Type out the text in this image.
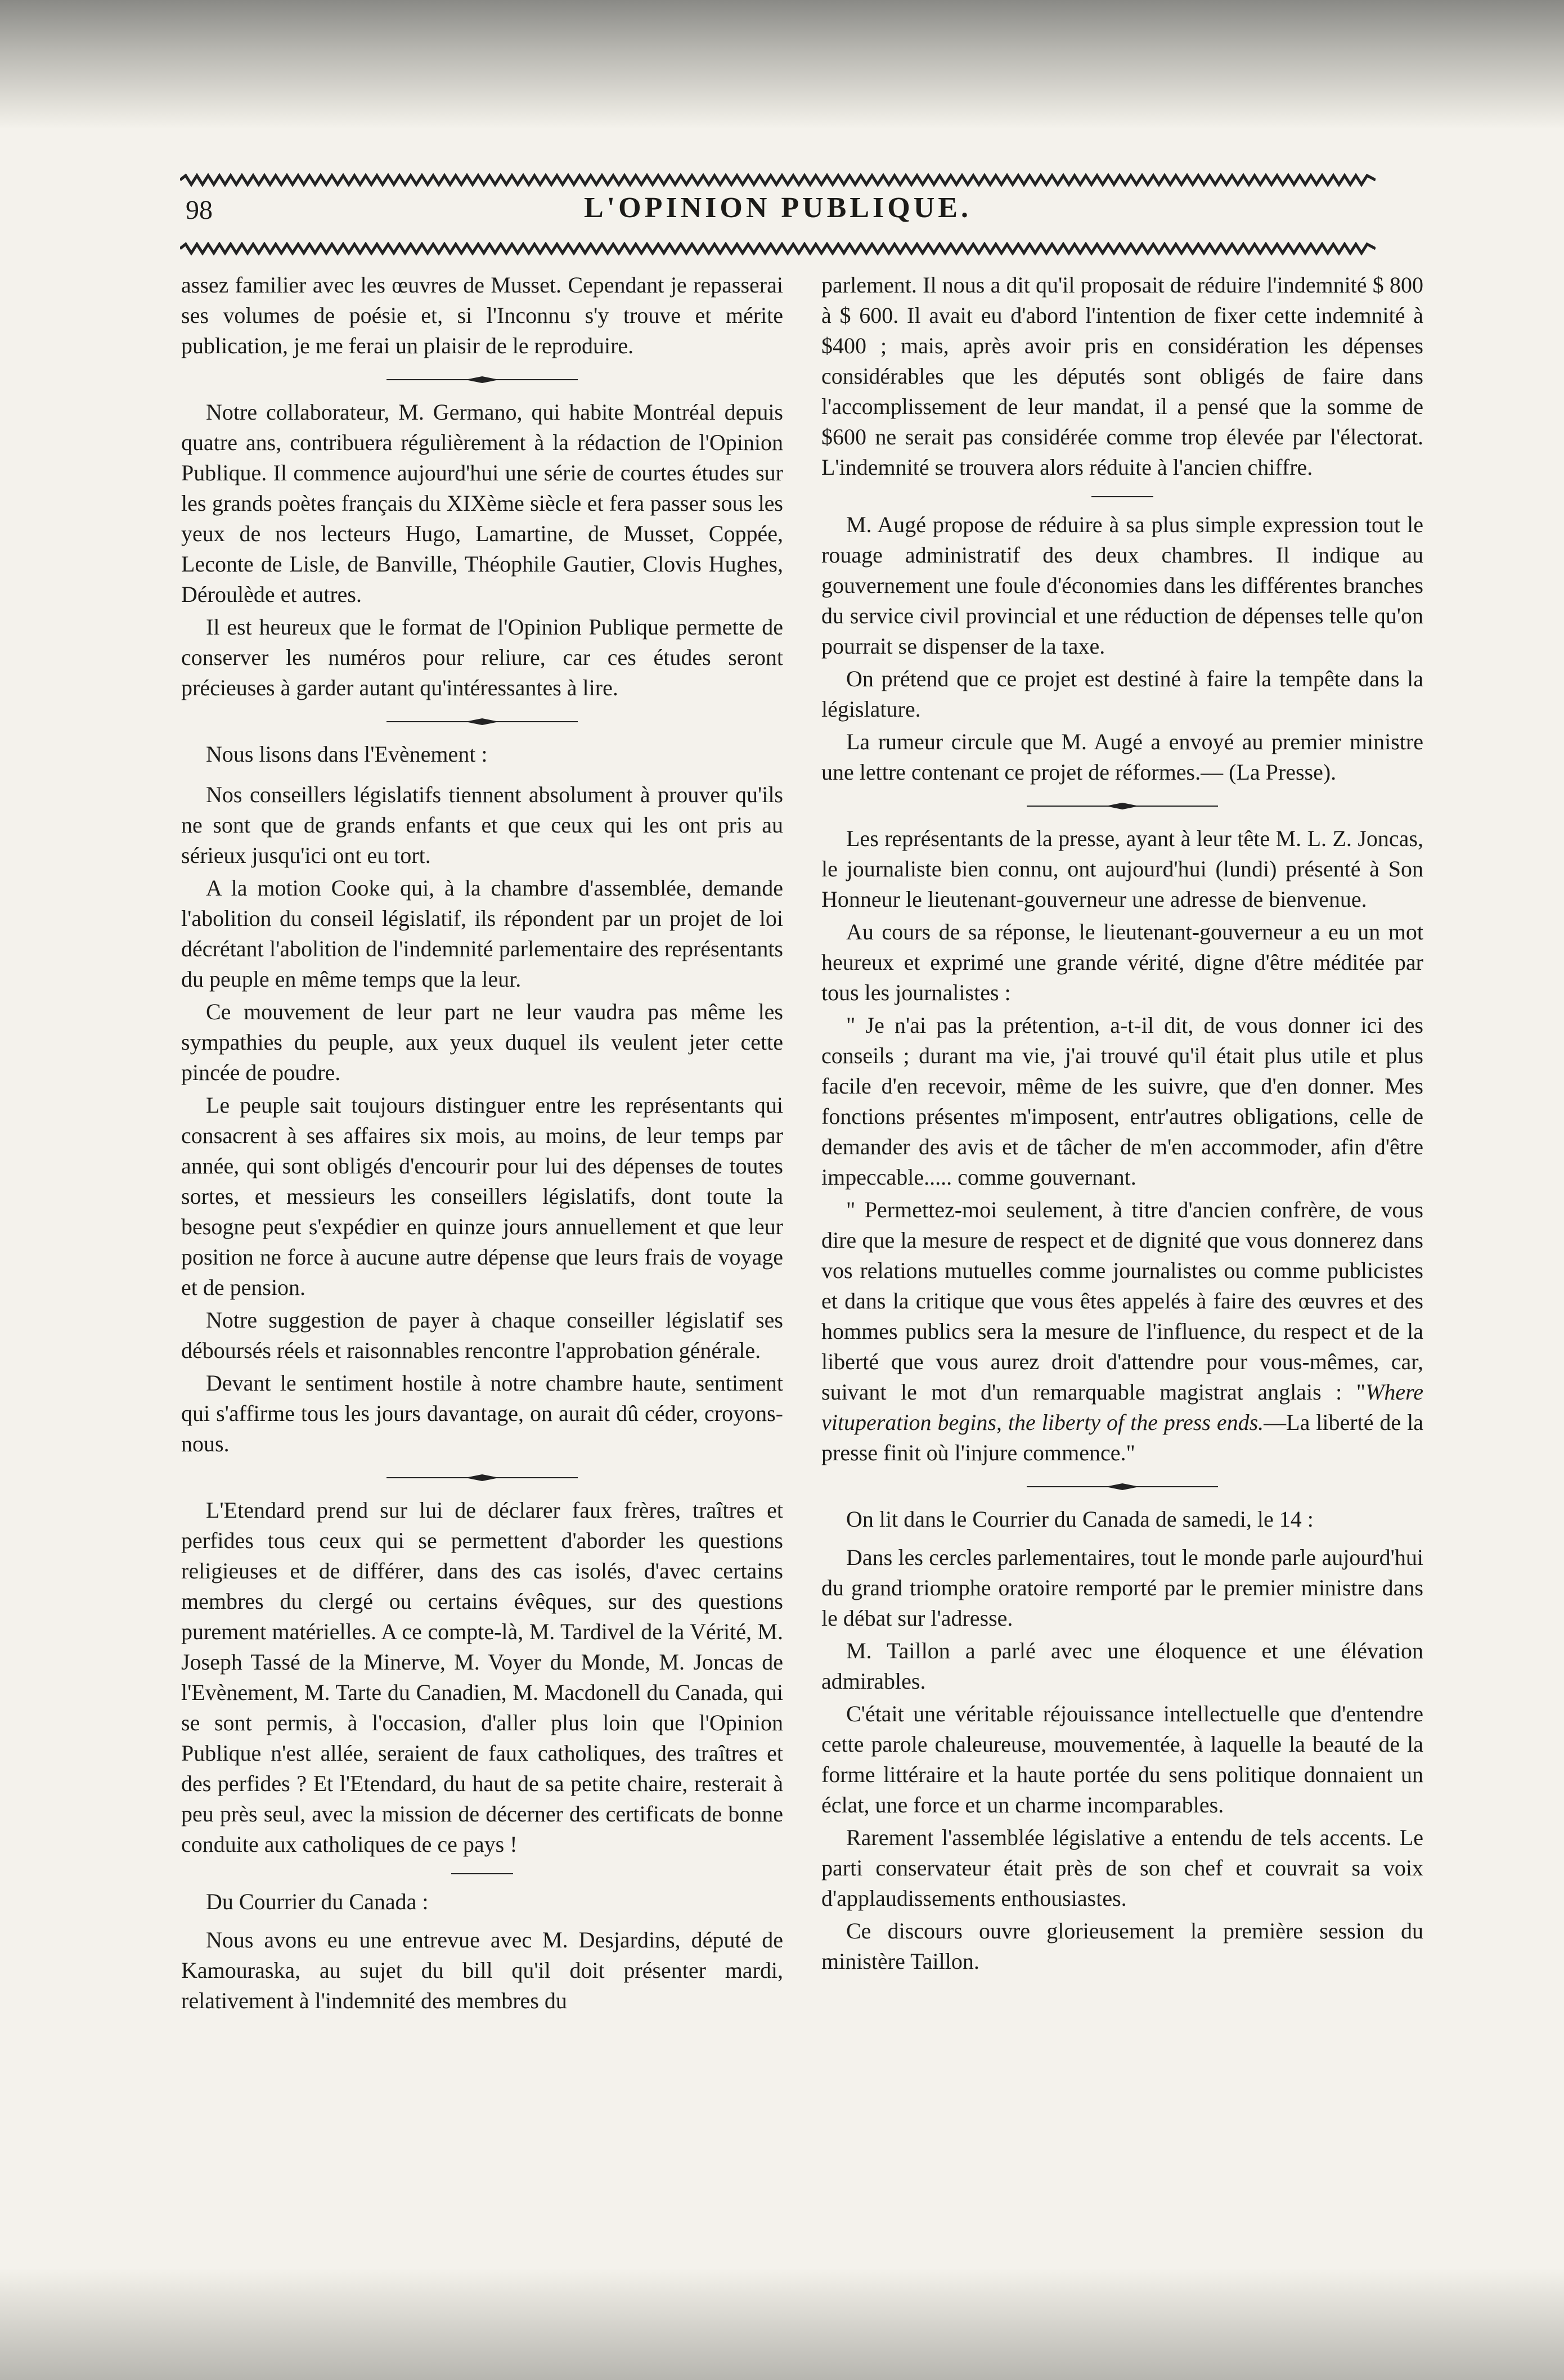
98	L'OPINION PUBLIQUE.

assez familier avec les œuvres de Musset. Cependant je repasserai ses volumes de poésie et, si l'Inconnu s'y trouve et mérite publication, je me ferai un plaisir de le reproduire.

Notre collaborateur, M. Germano, qui habite Montréal depuis quatre ans, contribuera régulièrement à la rédaction de l'Opinion Publique. Il commence aujourd'hui une série de courtes études sur les grands poètes français du XIXème siècle et fera passer sous les yeux de nos lecteurs Hugo, Lamartine, de Musset, Coppée, Leconte de Lisle, de Banville, Théophile Gautier, Clovis Hughes, Déroulède et autres.

Il est heureux que le format de l'Opinion Publique permette de conserver les numéros pour reliure, car ces études seront précieuses à garder autant qu'intéressantes à lire.

Nous lisons dans l'Evènement :

Nos conseillers législatifs tiennent absolument à prouver qu'ils ne sont que de grands enfants et que ceux qui les ont pris au sérieux jusqu'ici ont eu tort.

A la motion Cooke qui, à la chambre d'assemblée, demande l'abolition du conseil législatif, ils répondent par un projet de loi décrétant l'abolition de l'indemnité parlementaire des représentants du peuple en même temps que la leur.

Ce mouvement de leur part ne leur vaudra pas même les sympathies du peuple, aux yeux duquel ils veulent jeter cette pincée de poudre.

Le peuple sait toujours distinguer entre les représentants qui consacrent à ses affaires six mois, au moins, de leur temps par année, qui sont obligés d'encourir pour lui des dépenses de toutes sortes, et messieurs les conseillers législatifs, dont toute la besogne peut s'expédier en quinze jours annuellement et que leur position ne force à aucune autre dépense que leurs frais de voyage et de pension.

Notre suggestion de payer à chaque conseiller législatif ses déboursés réels et raisonnables rencontre l'approbation générale.

Devant le sentiment hostile à notre chambre haute, sentiment qui s'affirme tous les jours davantage, on aurait dû céder, croyons-nous.

L'Etendard prend sur lui de déclarer faux frères, traîtres et perfides tous ceux qui se permettent d'aborder les questions religieuses et de différer, dans des cas isolés, d'avec certains membres du clergé ou certains évêques, sur des questions purement matérielles. A ce compte-là, M. Tardivel de la Vérité, M. Joseph Tassé de la Minerve, M. Voyer du Monde, M. Joncas de l'Evènement, M. Tarte du Canadien, M. Macdonell du Canada, qui se sont permis, à l'occasion, d'aller plus loin que l'Opinion Publique n'est allée, seraient de faux catholiques, des traîtres et des perfides ? Et l'Etendard, du haut de sa petite chaire, resterait à peu près seul, avec la mission de décerner des certificats de bonne conduite aux catholiques de ce pays !

Du Courrier du Canada :

Nous avons eu une entrevue avec M. Desjardins, député de Kamouraska, au sujet du bill qu'il doit présenter mardi, relativement à l'indemnité des membres du

parlement. Il nous a dit qu'il proposait de réduire l'indemnité $ 800 à $ 600. Il avait eu d'abord l'intention de fixer cette indemnité à $400 ; mais, après avoir pris en considération les dépenses considérables que les députés sont obligés de faire dans l'accomplissement de leur mandat, il a pensé que la somme de $600 ne serait pas considérée comme trop élevée par l'électorat. L'indemnité se trouvera alors réduite à l'ancien chiffre.

M. Augé propose de réduire à sa plus simple expression tout le rouage administratif des deux chambres. Il indique au gouvernement une foule d'économies dans les différentes branches du service civil provincial et une réduction de dépenses telle qu'on pourrait se dispenser de la taxe.

On prétend que ce projet est destiné à faire la tempête dans la législature.

La rumeur circule que M. Augé a envoyé au premier ministre une lettre contenant ce projet de réformes.— (La Presse).

Les représentants de la presse, ayant à leur tête M. L. Z. Joncas, le journaliste bien connu, ont aujourd'hui (lundi) présenté à Son Honneur le lieutenant-gouverneur une adresse de bienvenue.

Au cours de sa réponse, le lieutenant-gouverneur a eu un mot heureux et exprimé une grande vérité, digne d'être méditée par tous les journalistes :

" Je n'ai pas la prétention, a-t-il dit, de vous donner ici des conseils ; durant ma vie, j'ai trouvé qu'il était plus utile et plus facile d'en recevoir, même de les suivre, que d'en donner. Mes fonctions présentes m'imposent, entr'autres obligations, celle de demander des avis et de tâcher de m'en accommoder, afin d'être impeccable..... comme gouvernant.

" Permettez-moi seulement, à titre d'ancien confrère, de vous dire que la mesure de respect et de dignité que vous donnerez dans vos relations mutuelles comme journalistes ou comme publicistes et dans la critique que vous êtes appelés à faire des œuvres et des hommes publics sera la mesure de l'influence, du respect et de la liberté que vous aurez droit d'attendre pour vous-mêmes, car, suivant le mot d'un remarquable magistrat anglais : "Where vituperation begins, the liberty of the press ends.—La liberté de la presse finit où l'injure commence."

On lit dans le Courrier du Canada de samedi, le 14 :

Dans les cercles parlementaires, tout le monde parle aujourd'hui du grand triomphe oratoire remporté par le premier ministre dans le débat sur l'adresse.

M. Taillon a parlé avec une éloquence et une élévation admirables.

C'était une véritable réjouissance intellectuelle que d'entendre cette parole chaleureuse, mouvementée, à laquelle la beauté de la forme littéraire et la haute portée du sens politique donnaient un éclat, une force et un charme incomparables.

Rarement l'assemblée législative a entendu de tels accents. Le parti conservateur était près de son chef et couvrait sa voix d'applaudissements enthousiastes.

Ce discours ouvre glorieusement la première session du ministère Taillon.
